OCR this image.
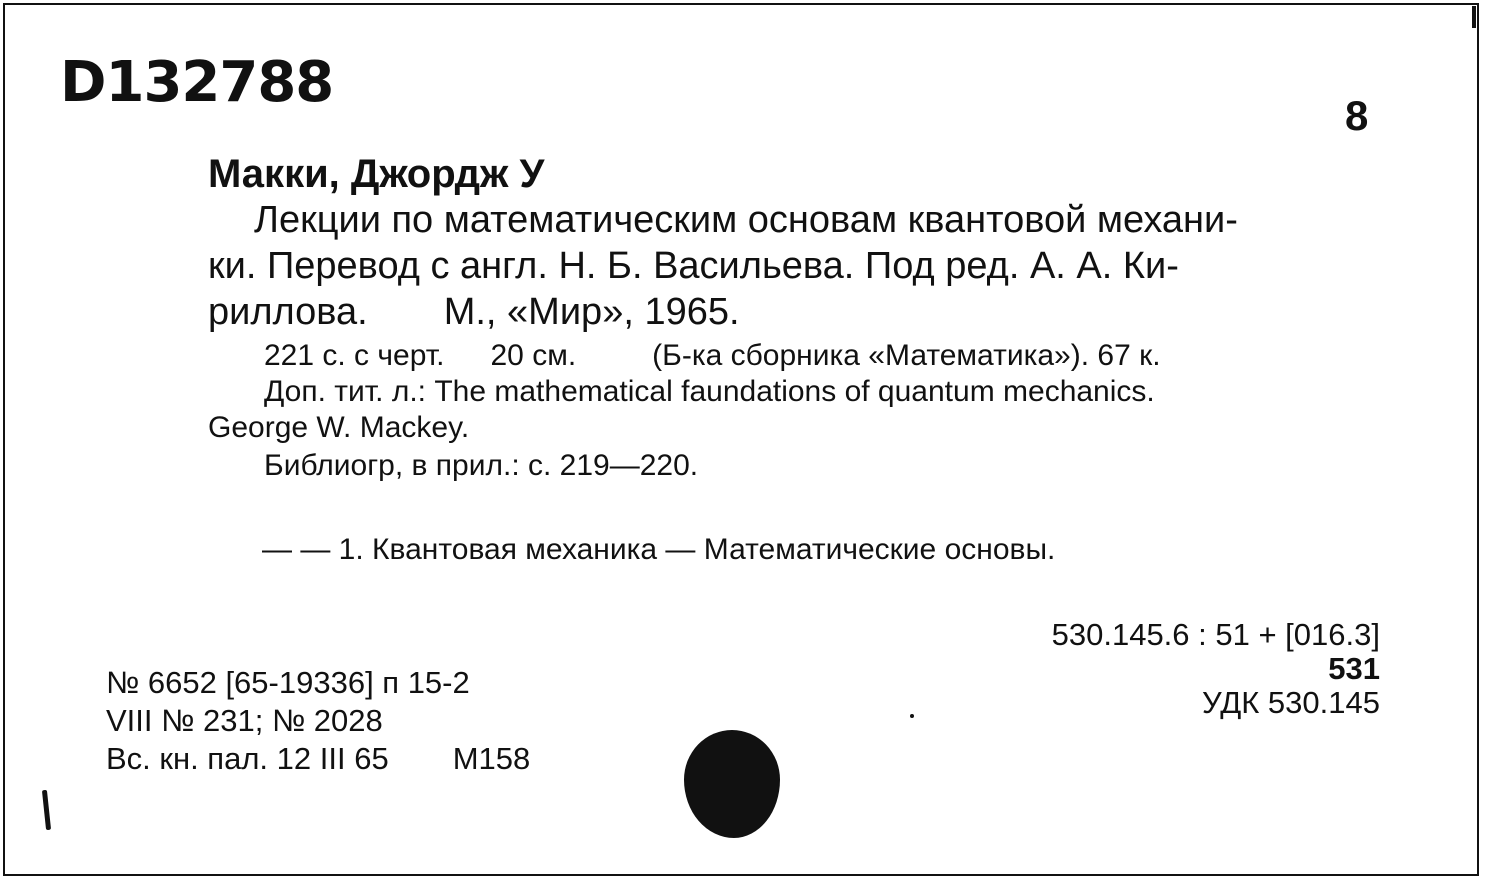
D132788
8
Макки, Джордж У
Лекции по математическим основам квантовой механи-
ки. Перевод с англ. Н. Б. Васильева. Под ред. А. А. Ки-
риллова. М., «Мир», 1965.
221 с. с черт. 20 см.	(Б-ка сборника «Математика»). 67 к.
Доп. тит. л.: The mathematical faundations of quantum mechanics.
George W. Mackey.
Библиогр, в прил.: с. 219—220.
— — 1. Квантовая механика — Математические основы.
530.145.6 : 51 + [016.3]
531
УДК 530.145
№ 6652 [65-19336] п 15-2
VIII № 231; № 2028
Вс. кн. пал. 12 III 65 М158
